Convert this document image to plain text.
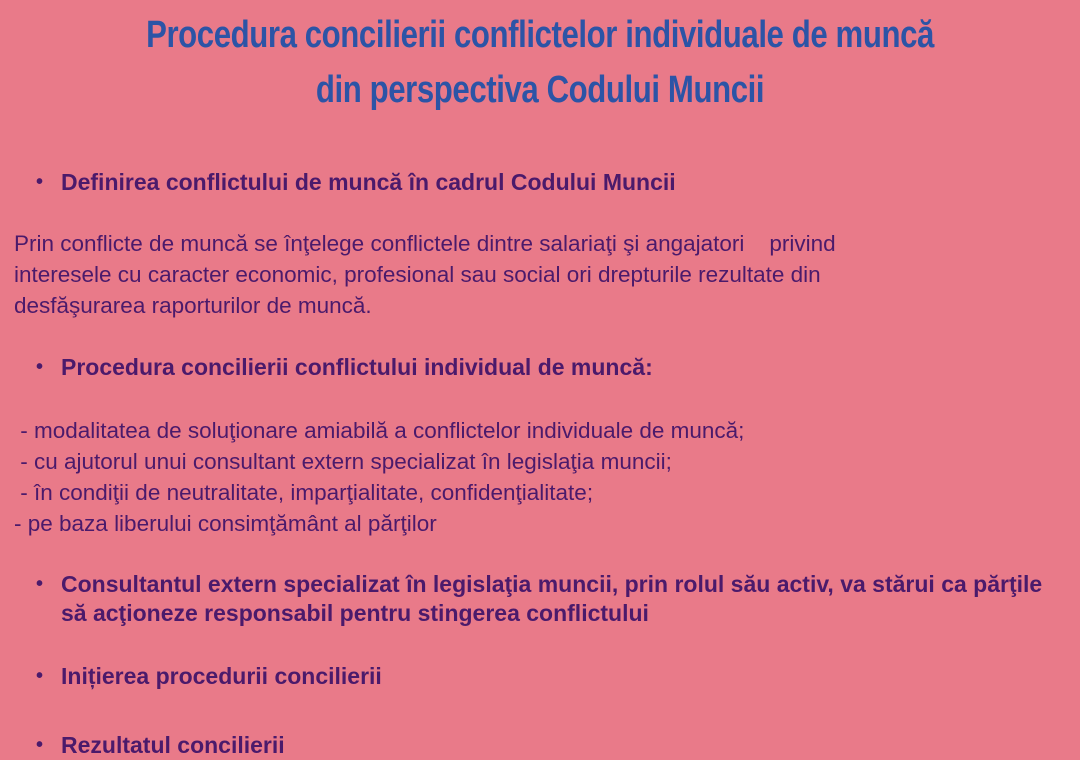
Procedura concilierii conflictelor individuale de muncă
din perspectiva Codului Muncii
• Definirea conflictului de muncă în cadrul Codului Muncii
Prin conflicte de muncă se înţelege conflictele dintre salariaţi şi angajatori    privind
interesele cu caracter economic, profesional sau social ori drepturile rezultate din
desfăşurarea raporturilor de muncă.
• Procedura concilierii conflictului individual de muncă:
- modalitatea de soluţionare amiabilă a conflictelor individuale de muncă;
- cu ajutorul unui consultant extern specializat în legislaţia muncii;
- în condiţii de neutralitate, imparţialitate, confidenţialitate;
- pe baza liberului consimţământ al părţilor
• Consultantul extern specializat în legislaţia muncii, prin rolul său activ, va stărui ca părţile să acţioneze responsabil pentru stingerea conflictului
• Inițierea procedurii concilierii
• Rezultatul concilierii
